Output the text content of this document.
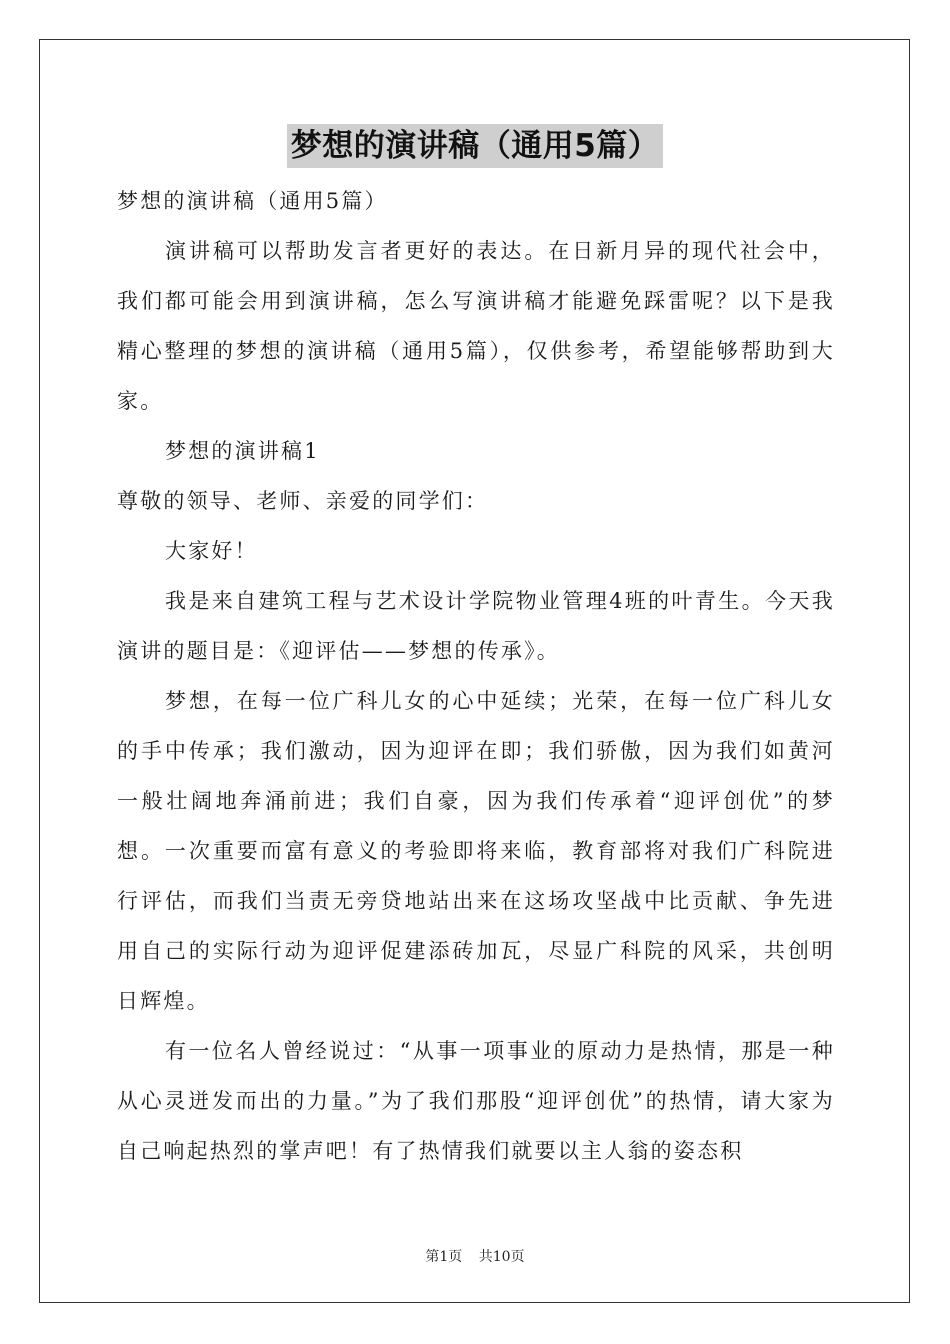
梦想的演讲稿（通用5篇）

梦想的演讲稿（通用5篇）

演讲稿可以帮助发言者更好的表达。在日新月异的现代社会中，我们都可能会用到演讲稿，怎么写演讲稿才能避免踩雷呢？以下是我精心整理的梦想的演讲稿（通用5篇），仅供参考，希望能够帮助到大家。

梦想的演讲稿1

尊敬的领导、老师、亲爱的同学们：

大家好！

我是来自建筑工程与艺术设计学院物业管理4班的叶青生。今天我演讲的题目是：《迎评估——梦想的传承》。

梦想，在每一位广科儿女的心中延续；光荣，在每一位广科儿女的手中传承；我们激动，因为迎评在即；我们骄傲，因为我们如黄河一般壮阔地奔涌前进；我们自豪，因为我们传承着“迎评创优”的梦想。一次重要而富有意义的考验即将来临，教育部将对我们广科院进行评估，而我们当责无旁贷地站出来在这场攻坚战中比贡献、争先进用自己的实际行动为迎评促建添砖加瓦，尽显广科院的风采，共创明日辉煌。

有一位名人曾经说过：“从事一项事业的原动力是热情，那是一种从心灵迸发而出的力量。”为了我们那股“迎评创优”的热情，请大家为自己响起热烈的掌声吧！有了热情我们就要以主人翁的姿态积

第1页 共10页
